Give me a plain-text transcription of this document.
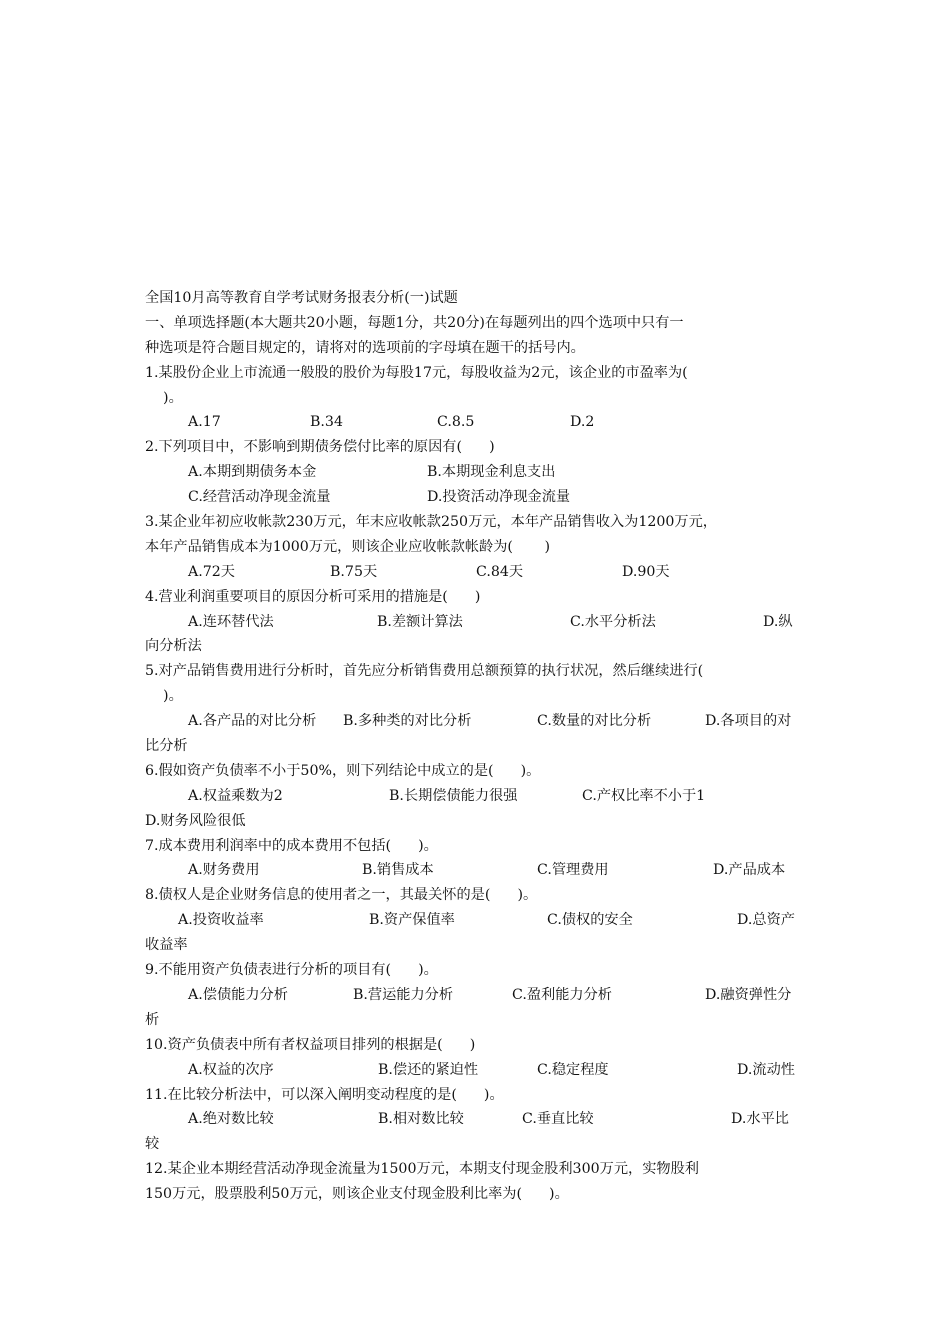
全国10月高等教育自学考试财务报表分析(一)试题
一、单项选择题(本大题共20小题，每题1分，共20分)在每题列出的四个选项中只有一
种选项是符合题目规定的，请将对的选项前的字母填在题干的括号内。
1.某股份企业上市流通一般股的股价为每股17元，每股收益为2元，该企业的市盈率为(
)。
A.17	B.34	C.8.5	D.2
2.下列项目中，不影响到期债务偿付比率的原因有(      )
A.本期到期债务本金	B.本期现金利息支出
C.经营活动净现金流量	D.投资活动净现金流量
3.某企业年初应收帐款230万元，年末应收帐款250万元，本年产品销售收入为1200万元，
本年产品销售成本为1000万元，则该企业应收帐款帐龄为(       )
A.72天	B.75天	C.84天	D.90天
4.营业利润重要项目的原因分析可采用的措施是(      )
A.连环替代法	B.差额计算法	C.水平分析法	D.纵
向分析法
5.对产品销售费用进行分析时，首先应分析销售费用总额预算的执行状况，然后继续进行(
)。
A.各产品的对比分析 B.多种类的对比分析	C.数量的对比分析	D.各项目的对
比分析
6.假如资产负债率不小于50%，则下列结论中成立的是(      )。
A.权益乘数为2	B.长期偿债能力很强	C.产权比率不小于1
D.财务风险很低
7.成本费用利润率中的成本费用不包括(      )。
A.财务费用	B.销售成本	C.管理费用	D.产品成本
8.债权人是企业财务信息的使用者之一，其最关怀的是(      )。
A.投资收益率	B.资产保值率	C.债权的安全	D.总资产
收益率
9.不能用资产负债表进行分析的项目有(      )。
A.偿债能力分析	B.营运能力分析	C.盈利能力分析	D.融资弹性分
析
10.资产负债表中所有者权益项目排列的根据是(      )
A.权益的次序	B.偿还的紧迫性	C.稳定程度	D.流动性
11.在比较分析法中，可以深入阐明变动程度的是(      )。
A.绝对数比较	B.相对数比较	C.垂直比较	D.水平比
较
12.某企业本期经营活动净现金流量为1500万元，本期支付现金股利300万元，实物股利
150万元，股票股利50万元，则该企业支付现金股利比率为(      )。
